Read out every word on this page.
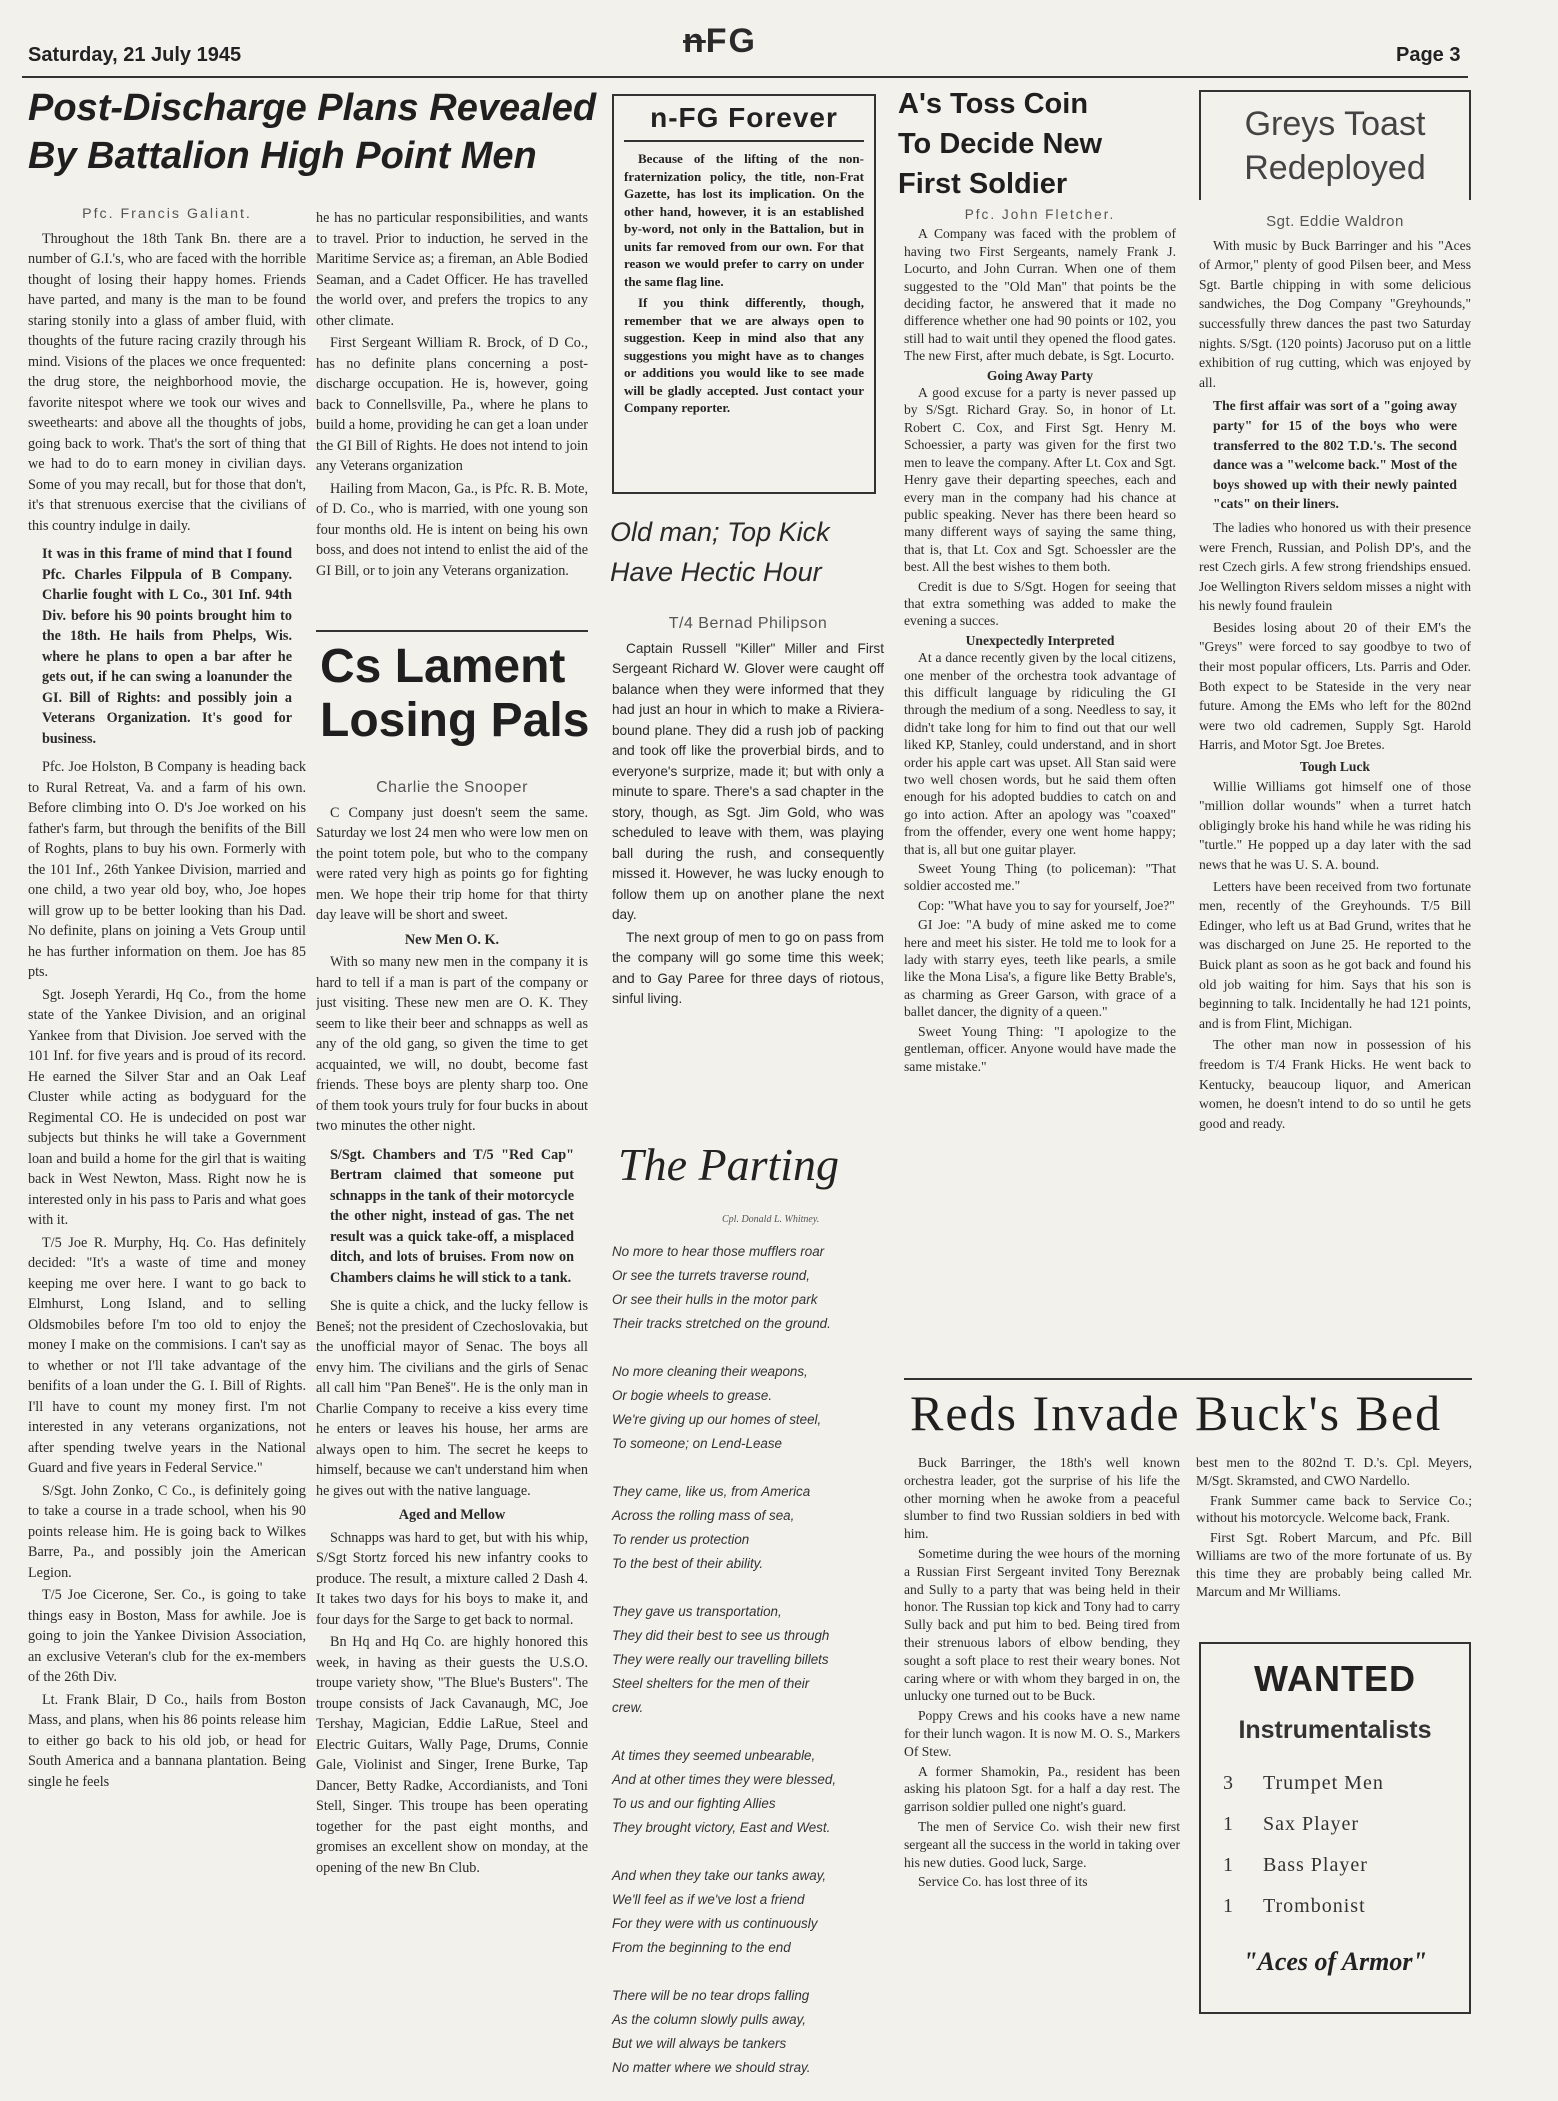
Saturday, 21 July 1945	nFG	Page 3
Post-Discharge Plans Revealed
By Battalion High Point Men

Pfc. Francis Galiant.

Throughout the 18th Tank Bn. there are a number of G.I.'s, who are faced with the horrible thought of losing their happy homes. Friends have parted, and many is the man to be found staring stonily into a glass of amber fluid, with thoughts of the future racing crazily through his mind. Visions of the places we once frequented: the drug store, the neighborhood movie, the favorite nitespot where we took our wives and sweethearts: and above all the thoughts of jobs, going back to work. That's the sort of thing that we had to do to earn money in civilian days. Some of you may recall, but for those that don't, it's that strenuous exercise that the civilians of this country indulge in daily.

It was in this frame of mind that I found Pfc. Charles Filppula of B Company. Charlie fought with L Co., 301 Inf. 94th Div. before his 90 points brought him to the 18th. He hails from Phelps, Wis. where he plans to open a bar after he gets out, if he can swing a loanunder the GI. Bill of Rights: and possibly join a Veterans Organization. It's good for business.

Pfc. Joe Holston, B Company is heading back to Rural Retreat, Va. and a farm of his own. Before climbing into O. D's Joe worked on his father's farm, but through the benifits of the Bill of Roghts, plans to buy his own. Formerly with the 101 Inf., 26th Yankee Division, married and one child, a two year old boy, who, Joe hopes will grow up to be better looking than his Dad. No definite, plans on joining a Vets Group until he has further information on them. Joe has 85 pts.

Sgt. Joseph Yerardi, Hq Co., from the home state of the Yankee Division, and an original Yankee from that Division. Joe served with the 101 Inf. for five years and is proud of its record. He earned the Silver Star and an Oak Leaf Cluster while acting as bodyguard for the Regimental CO. He is undecided on post war subjects but thinks he will take a Government loan and build a home for the girl that is waiting back in West Newton, Mass. Right now he is interested only in his pass to Paris and what goes with it.

T/5 Joe R. Murphy, Hq. Co. Has definitely decided: "It's a waste of time and money keeping me over here. I want to go back to Elmhurst, Long Island, and to selling Oldsmobiles before I'm too old to enjoy the money I make on the commisions. I can't say as to whether or not I'll take advantage of the benifits of a loan under the G. I. Bill of Rights. I'll have to count my money first. I'm not interested in any veterans organizations, not after spending twelve years in the National Guard and five years in Federal Service."

S/Sgt. John Zonko, C Co., is definitely going to take a course in a trade school, when his 90 points release him. He is going back to Wilkes Barre, Pa., and possibly join the American Legion.

T/5 Joe Cicerone, Ser. Co., is going to take things easy in Boston, Mass for awhile. Joe is going to join the Yankee Division Association, an exclusive Veteran's club for the ex-members of the 26th Div.

Lt. Frank Blair, D Co., hails from Boston Mass, and plans, when his 86 points release him to either go back to his old job, or head for South America and a bannana plantation. Being single he feels

he has no particular responsibilities, and wants to travel. Prior to induction, he served in the Maritime Service as; a fireman, an Able Bodied Seaman, and a Cadet Officer. He has travelled the world over, and prefers the tropics to any other climate.

First Sergeant William R. Brock, of D Co., has no definite plans concerning a post-discharge occupation. He is, however, going back to Connellsville, Pa., where he plans to build a home, providing he can get a loan under the GI Bill of Rights. He does not intend to join any Veterans organization

Hailing from Macon, Ga., is Pfc. R. B. Mote, of D. Co., who is married, with one young son four months old. He is intent on being his own boss, and does not intend to enlist the aid of the GI Bill, or to join any Veterans organization.

Cs Lament
Losing Pals

Charlie the Snooper

C Company just doesn't seem the same. Saturday we lost 24 men who were low men on the point totem pole, but who to the company were rated very high as points go for fighting men. We hope their trip home for that thirty day leave will be short and sweet.

New Men O. K.

With so many new men in the company it is hard to tell if a man is part of the company or just visiting. These new men are O. K. They seem to like their beer and schnapps as well as any of the old gang, so given the time to get acquainted, we will, no doubt, become fast friends. These boys are plenty sharp too. One of them took yours truly for four bucks in about two minutes the other night.

S/Sgt. Chambers and T/5 "Red Cap" Bertram claimed that someone put schnapps in the tank of their motorcycle the other night, instead of gas. The net result was a quick take-off, a misplaced ditch, and lots of bruises. From now on Chambers claims he will stick to a tank.

She is quite a chick, and the lucky fellow is Beneš; not the president of Czechoslovakia, but the unofficial mayor of Senac. The boys all envy him. The civilians and the girls of Senac all call him "Pan Beneš". He is the only man in Charlie Company to receive a kiss every time he enters or leaves his house, her arms are always open to him. The secret he keeps to himself, because we can't understand him when he gives out with the native language.

Aged and Mellow

Schnapps was hard to get, but with his whip, S/Sgt Stortz forced his new infantry cooks to produce. The result, a mixture called 2 Dash 4. It takes two days for his boys to make it, and four days for the Sarge to get back to normal.

Bn Hq and Hq Co. are highly honored this week, in having as their guests the U.S.O. troupe variety show, "The Blue's Busters". The troupe consists of Jack Cavanaugh, MC, Joe Tershay, Magician, Eddie LaRue, Steel and Electric Guitars, Wally Page, Drums, Connie Gale, Violinist and Singer, Irene Burke, Tap Dancer, Betty Radke, Accordianists, and Toni Stell, Singer. This troupe has been operating together for the past eight months, and gromises an excellent show on monday, at the opening of the new Bn Club.

n-FG Forever

Because of the lifting of the non-fraternization policy, the title, non-Frat Gazette, has lost its implication. On the other hand, however, it is an established by-word, not only in the Battalion, but in units far removed from our own. For that reason we would prefer to carry on under the same flag line.

If you think differently, though, remember that we are always open to suggestion. Keep in mind also that any suggestions you might have as to changes or additions you would like to see made will be gladly accepted. Just contact your Company reporter.

Old man; Top Kick
Have Hectic Hour

T/4 Bernad Philipson

Captain Russell "Killer" Miller and First Sergeant Richard W. Glover were caught off balance when they were informed that they had just an hour in which to make a Riviera-bound plane. They did a rush job of packing and took off like the proverbial birds, and to everyone's surprize, made it; but with only a minute to spare. There's a sad chapter in the story, though, as Sgt. Jim Gold, who was scheduled to leave with them, was playing ball during the rush, and consequently missed it. However, he was lucky enough to follow them up on another plane the next day.

The next group of men to go on pass from the company will go some time this week; and to Gay Paree for three days of riotous, sinful living.

The Parting
Cpl. Donald L. Whitney.
No more to hear those mufflers roar
Or see the turrets traverse round,
Or see their hulls in the motor park
Their tracks stretched on the ground.
No more cleaning their weapons,
Or bogie wheels to grease.
We're giving up our homes of steel,
To someone; on Lend-Lease
They came, like us, from America
Across the rolling mass of sea,
To render us protection
To the best of their ability.
They gave us transportation,
They did their best to see us through
They were really our travelling billets
Steel shelters for the men of their
crew.
At times they seemed unbearable,
And at other times they were blessed,
To us and our fighting Allies
They brought victory, East and West.
And when they take our tanks away,
We'll feel as if we've lost a friend
For they were with us continuously
From the beginning to the end
There will be no tear drops falling
As the column slowly pulls away,
But we will always be tankers
No matter where we should stray.
A's Toss Coin
To Decide New
First Soldier

Pfc. John Fletcher.

A Company was faced with the problem of having two First Sergeants, namely Frank J. Locurto, and John Curran. When one of them suggested to the "Old Man" that points be the deciding factor, he answered that it made no difference whether one had 90 points or 102, you still had to wait until they opened the flood gates. The new First, after much debate, is Sgt. Locurto.

Going Away Party

A good excuse for a party is never passed up by S/Sgt. Richard Gray. So, in honor of Lt. Robert C. Cox, and First Sgt. Henry M. Schoessier, a party was given for the first two men to leave the company. After Lt. Cox and Sgt. Henry gave their departing speeches, each and every man in the company had his chance at public speaking. Never has there been heard so many different ways of saying the same thing, that is, that Lt. Cox and Sgt. Schoessler are the best. All the best wishes to them both.

Credit is due to S/Sgt. Hogen for seeing that that extra something was added to make the evening a succes.

Unexpectedly Interpreted

At a dance recently given by the local citizens, one menber of the orchestra took advantage of this difficult language by ridiculing the GI through the medium of a song. Needless to say, it didn't take long for him to find out that our well liked KP, Stanley, could understand, and in short order his apple cart was upset. All Stan said were two well chosen words, but he said them often enough for his adopted buddies to catch on and go into action. After an apology was "coaxed" from the offender, every one went home happy; that is, all but one guitar player.

Sweet Young Thing (to policeman): "That soldier accosted me."

Cop: "What have you to say for yourself, Joe?"

GI Joe: "A budy of mine asked me to come here and meet his sister. He told me to look for a lady with starry eyes, teeth like pearls, a smile like the Mona Lisa's, a figure like Betty Brable's, as charming as Greer Garson, with grace of a ballet dancer, the dignity of a queen."

Sweet Young Thing: "I apologize to the gentleman, officer. Anyone would have made the same mistake."

Greys Toast
Redeployed

Sgt. Eddie Waldron

With music by Buck Barringer and his "Aces of Armor," plenty of good Pilsen beer, and Mess Sgt. Bartle chipping in with some delicious sandwiches, the Dog Company "Greyhounds," successfully threw dances the past two Saturday nights. S/Sgt. (120 points) Jacoruso put on a little exhibition of rug cutting, which was enjoyed by all.

The first affair was sort of a "going away party" for 15 of the boys who were transferred to the 802 T.D.'s. The second dance was a "welcome back." Most of the boys showed up with their newly painted "cats" on their liners.

The ladies who honored us with their presence were French, Russian, and Polish DP's, and the rest Czech girls. A few strong friendships ensued. Joe Wellington Rivers seldom misses a night with his newly found fraulein

Besides losing about 20 of their EM's the "Greys" were forced to say goodbye to two of their most popular officers, Lts. Parris and Oder. Both expect to be Stateside in the very near future. Among the EMs who left for the 802nd were two old cadremen, Supply Sgt. Harold Harris, and Motor Sgt. Joe Bretes.

Tough Luck

Willie Williams got himself one of those "million dollar wounds" when a turret hatch obligingly broke his hand while he was riding his "turtle." He popped up a day later with the sad news that he was U. S. A. bound.

Letters have been received from two fortunate men, recently of the Greyhounds. T/5 Bill Edinger, who left us at Bad Grund, writes that he was discharged on June 25. He reported to the Buick plant as soon as he got back and found his old job waiting for him. Says that his son is beginning to talk. Incidentally he had 121 points, and is from Flint, Michigan.

The other man now in possession of his freedom is T/4 Frank Hicks. He went back to Kentucky, beaucoup liquor, and American women, he doesn't intend to do so until he gets good and ready.

Reds Invade Buck's Bed

Buck Barringer, the 18th's well known orchestra leader, got the surprise of his life the other morning when he awoke from a peaceful slumber to find two Russian soldiers in bed with him.

Sometime during the wee hours of the morning a Russian First Sergeant invited Tony Bereznak and Sully to a party that was being held in their honor. The Russian top kick and Tony had to carry Sully back and put him to bed. Being tired from their strenuous labors of elbow bending, they sought a soft place to rest their weary bones. Not caring where or with whom they barged in on, the unlucky one turned out to be Buck.

Poppy Crews and his cooks have a new name for their lunch wagon. It is now M. O. S., Markers Of Stew.

A former Shamokin, Pa., resident has been asking his platoon Sgt. for a half a day rest. The garrison soldier pulled one night's guard.

The men of Service Co. wish their new first sergeant all the success in the world in taking over his new duties. Good luck, Sarge.

Service Co. has lost three of its

best men to the 802nd T. D.'s. Cpl. Meyers, M/Sgt. Skramsted, and CWO Nardello.

Frank Summer came back to Service Co.; without his motorcycle. Welcome back, Frank.

First Sgt. Robert Marcum, and Pfc. Bill Williams are two of the more fortunate of us. By this time they are probably being called Mr. Marcum and Mr Williams.

WANTED
Instrumentalists
3	Trumpet Men
1	Sax Player
1	Bass Player
1	Trombonist
"Aces of Armor"
